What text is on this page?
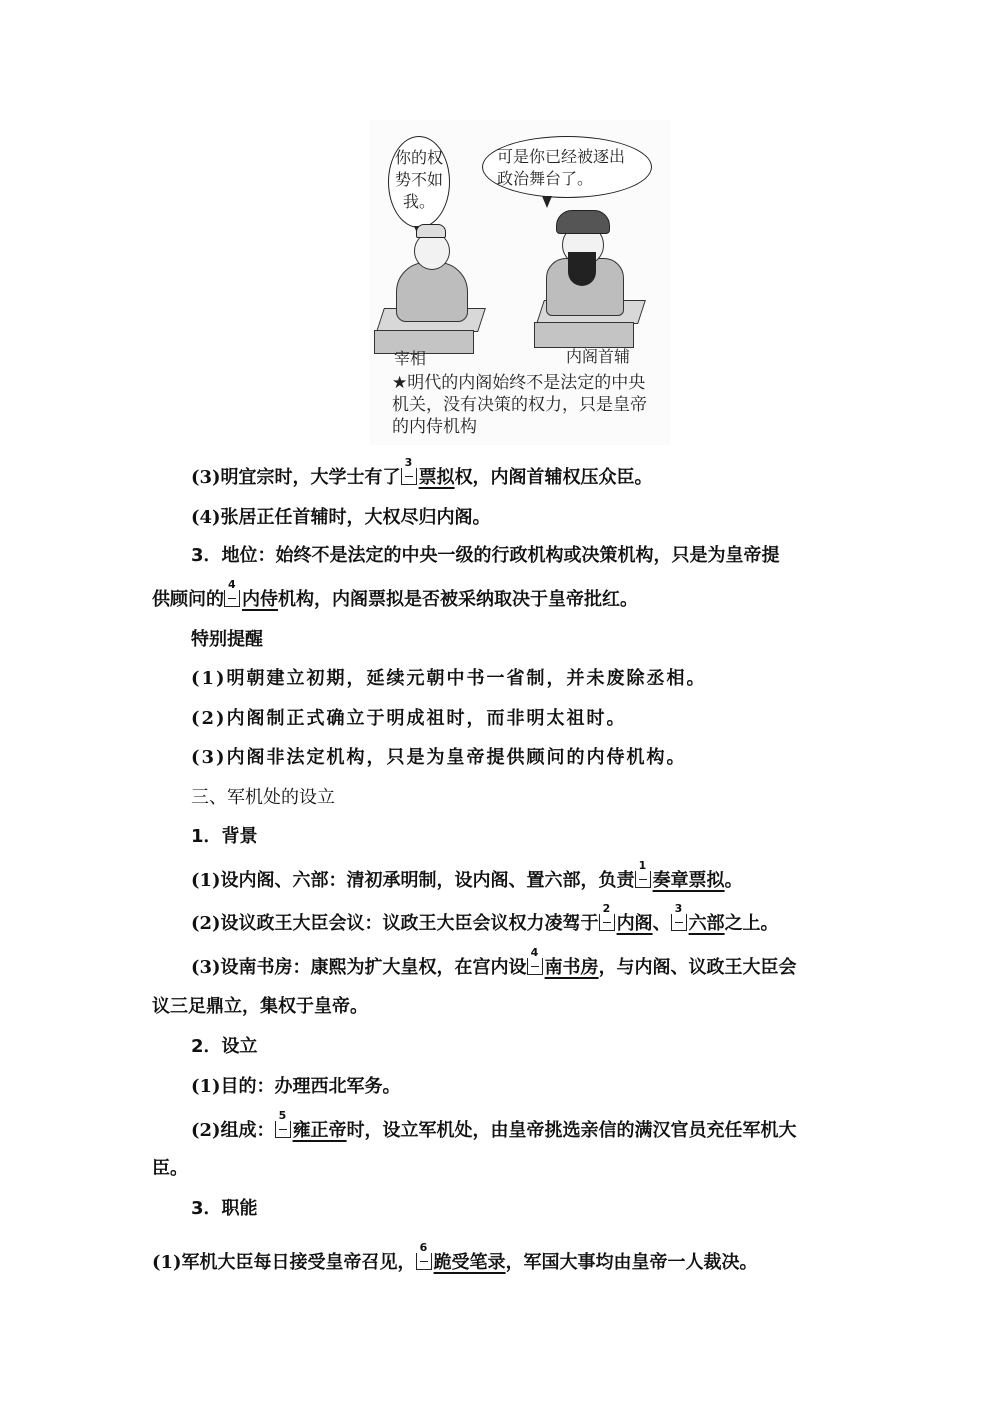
你的权势不如我。
可是你已经被逐出政治舞台了。
宰相	内阁首辅
★明代的内阁始终不是法定的中央机关，没有决策的权力，只是皇帝的内侍机构
(3)明宜宗时，大学士有了
3
票拟权，内阁首辅权压众臣。
(4)张居正任首辅时，大权尽归内阁。
3．地位：始终不是法定的中央一级的行政机构或决策机构，只是为皇帝提
供顾问的
4
内侍机构，内阁票拟是否被采纳取决于皇帝批红。
特别提醒
(1)明朝建立初期，延续元朝中书一省制，并未废除丞相。
(2)内阁制正式确立于明成祖时，而非明太祖时。
(3)内阁非法定机构，只是为皇帝提供顾问的内侍机构。
三、军机处的设立
1．背景
(1)设内阁、六部：清初承明制，设内阁、置六部，负责
1
奏章票拟。
(2)设议政王大臣会议：议政王大臣会议权力凌驾于
2
内阁、
3
六部之上。
(3)设南书房：康熙为扩大皇权，在宫内设
4
南书房，与内阁、议政王大臣会
议三足鼎立，集权于皇帝。
2．设立
(1)目的：办理西北军务。
(2)组成：
5
雍正帝时，设立军机处，由皇帝挑选亲信的满汉官员充任军机大
臣。
3．职能
(1)军机大臣每日接受皇帝召见，
6
跪受笔录，军国大事均由皇帝一人裁决。
